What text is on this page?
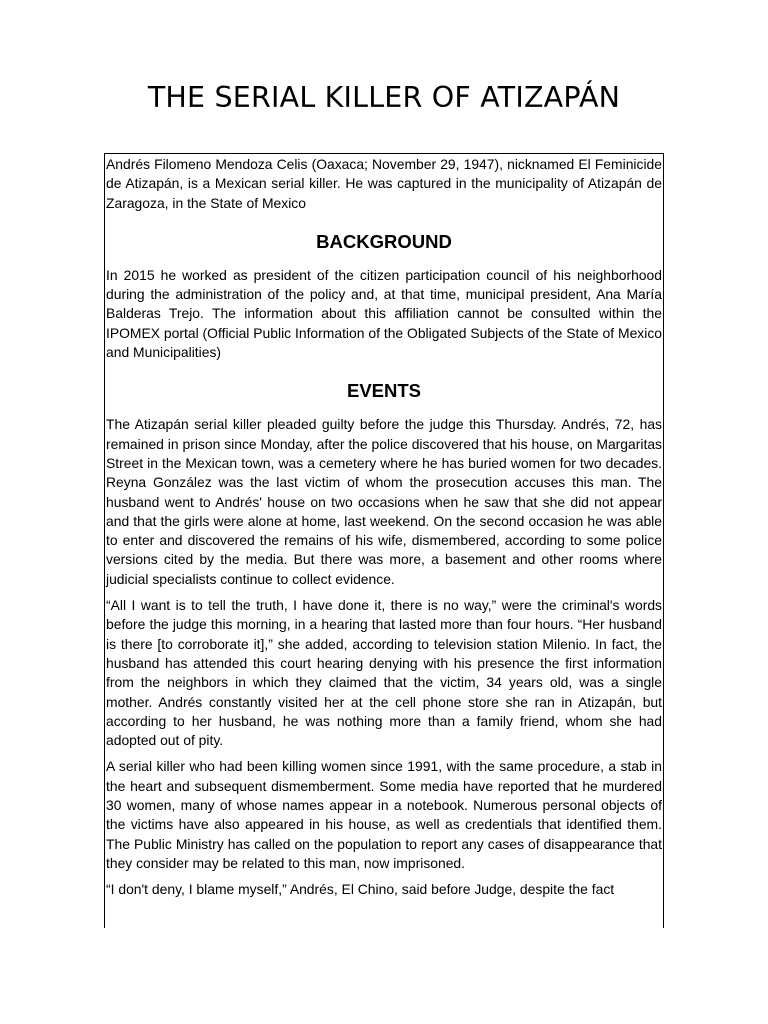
THE SERIAL KILLER OF ATIZAPÁN

Andrés Filomeno Mendoza Celis (Oaxaca; November 29, 1947), nicknamed El Feminicide de Atizapán, is a Mexican serial killer. He was captured in the municipality of Atizapán de Zaragoza, in the State of Mexico

BACKGROUND

In 2015 he worked as president of the citizen participation council of his neighborhood during the administration of the policy and, at that time, municipal president, Ana María Balderas Trejo. The information about this affiliation cannot be consulted within the IPOMEX portal (Official Public Information of the Obligated Subjects of the State of Mexico and Municipalities)

EVENTS

The Atizapán serial killer pleaded guilty before the judge this Thursday. Andrés, 72, has remained in prison since Monday, after the police discovered that his house, on Margaritas Street in the Mexican town, was a cemetery where he has buried women for two decades. Reyna González was the last victim of whom the prosecution accuses this man. The husband went to Andrés' house on two occasions when he saw that she did not appear and that the girls were alone at home, last weekend. On the second occasion he was able to enter and discovered the remains of his wife, dismembered, according to some police versions cited by the media. But there was more, a basement and other rooms where judicial specialists continue to collect evidence.

“All I want is to tell the truth, I have done it, there is no way,” were the criminal's words before the judge this morning, in a hearing that lasted more than four hours. “Her husband is there [to corroborate it],” she added, according to television station Milenio. In fact, the husband has attended this court hearing denying with his presence the first information from the neighbors in which they claimed that the victim, 34 years old, was a single mother. Andrés constantly visited her at the cell phone store she ran in Atizapán, but according to her husband, he was nothing more than a family friend, whom she had adopted out of pity.

A serial killer who had been killing women since 1991, with the same procedure, a stab in the heart and subsequent dismemberment. Some media have reported that he murdered 30 women, many of whose names appear in a notebook. Numerous personal objects of the victims have also appeared in his house, as well as credentials that identified them. The Public Ministry has called on the population to report any cases of disappearance that they consider may be related to this man, now imprisoned.

“I don't deny, I blame myself,” Andrés, El Chino, said before Judge, despite the fact
